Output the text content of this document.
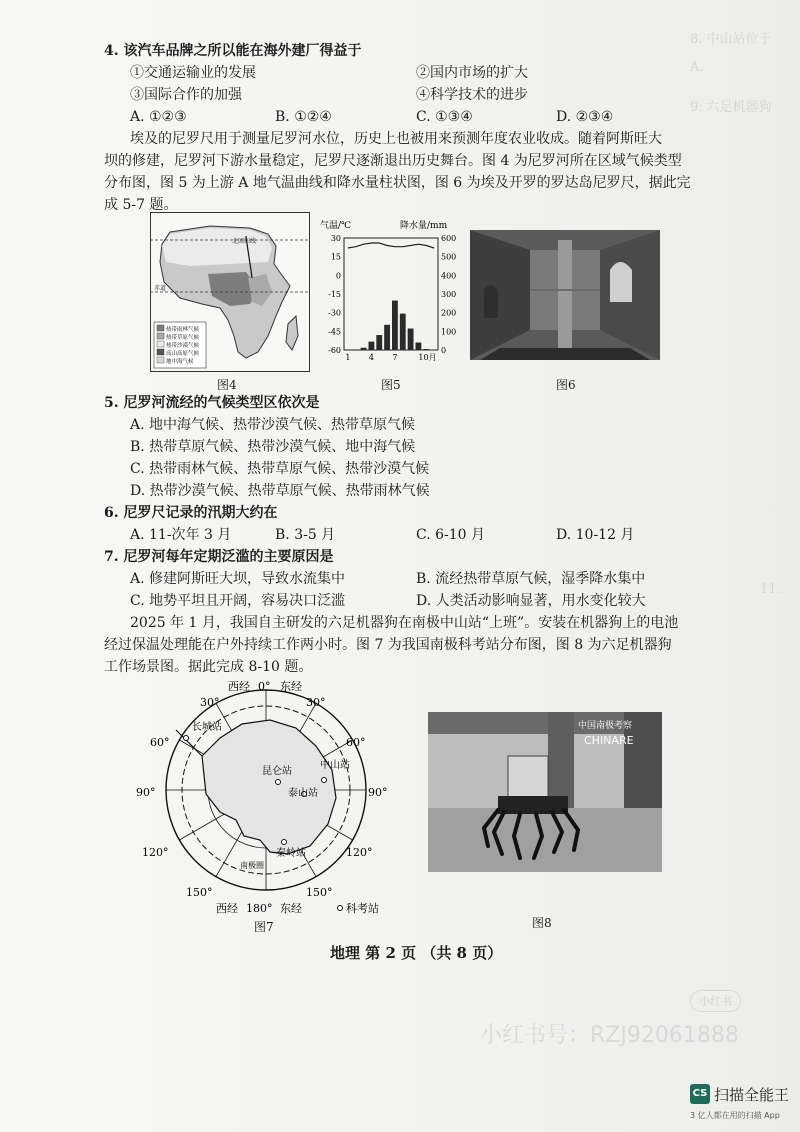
8. 中山站位于
A.
9. 六足机器狗
11.
4. 该汽车品牌之所以能在海外建厂得益于
①交通运输业的发展	②国内市场的扩大
③国际合作的加强	④科学技术的进步
A. ①②③	B. ①②④	C. ①③④	D. ②③④
埃及的尼罗尺用于测量尼罗河水位，历史上也被用来预测年度农业收成。随着阿斯旺大
坝的修建，尼罗河下游水量稳定，尼罗尺逐渐退出历史舞台。图 4 为尼罗河所在区域气候类型
分布图，图 5 为上游 A 地气温曲线和降水量柱状图，图 6 为埃及开罗的罗达岛尼罗尺，据此完
成 5-7 题。
北回归线
赤道
热带雨林气候
热带草原气候
热带沙漠气候
高山高原气候
地中海气候
图4
气温/℃	降水量/mm
30
15
0
-15
-30
-45
-60
600
500
400
300
200
100
0
1 4 7	10月
图5	图6
5. 尼罗河流经的气候类型区依次是
A. 地中海气候、热带沙漠气候、热带草原气候
B. 热带草原气候、热带沙漠气候、地中海气候
C. 热带雨林气候、热带草原气候、热带沙漠气候
D. 热带沙漠气候、热带草原气候、热带雨林气候
6. 尼罗尺记录的汛期大约在
A. 11-次年 3 月	B. 3-5 月	C. 6-10 月	D. 10-12 月
7. 尼罗河每年定期泛滥的主要原因是
A. 修建阿斯旺大坝，导致水流集中	B. 流经热带草原气候，湿季降水集中
C. 地势平坦且开阔，容易决口泛滥	D. 人类活动影响显著，用水变化较大
2025 年 1 月，我国自主研发的六足机器狗在南极中山站“上班”。安装在机器狗上的电池
经过保温处理能在户外持续工作两小时。图 7 为我国南极科考站分布图，图 8 为六足机器狗
工作场景图。据此完成 8-10 题。
西经 0° 东经
长城站
昆仑站
中山站
泰山站
秦岭站
南极圈
30°	30°
60°	60°
90°	90°
120°	120°
150°	150°
西经 180° 东经	科考站
图7
中国南极考察
CHINARE
图8
地理 第 2 页 （共 8 页）
小红书
小红书号：RZJ92061888
CS 扫描全能王
3 亿人都在用的扫描 App
